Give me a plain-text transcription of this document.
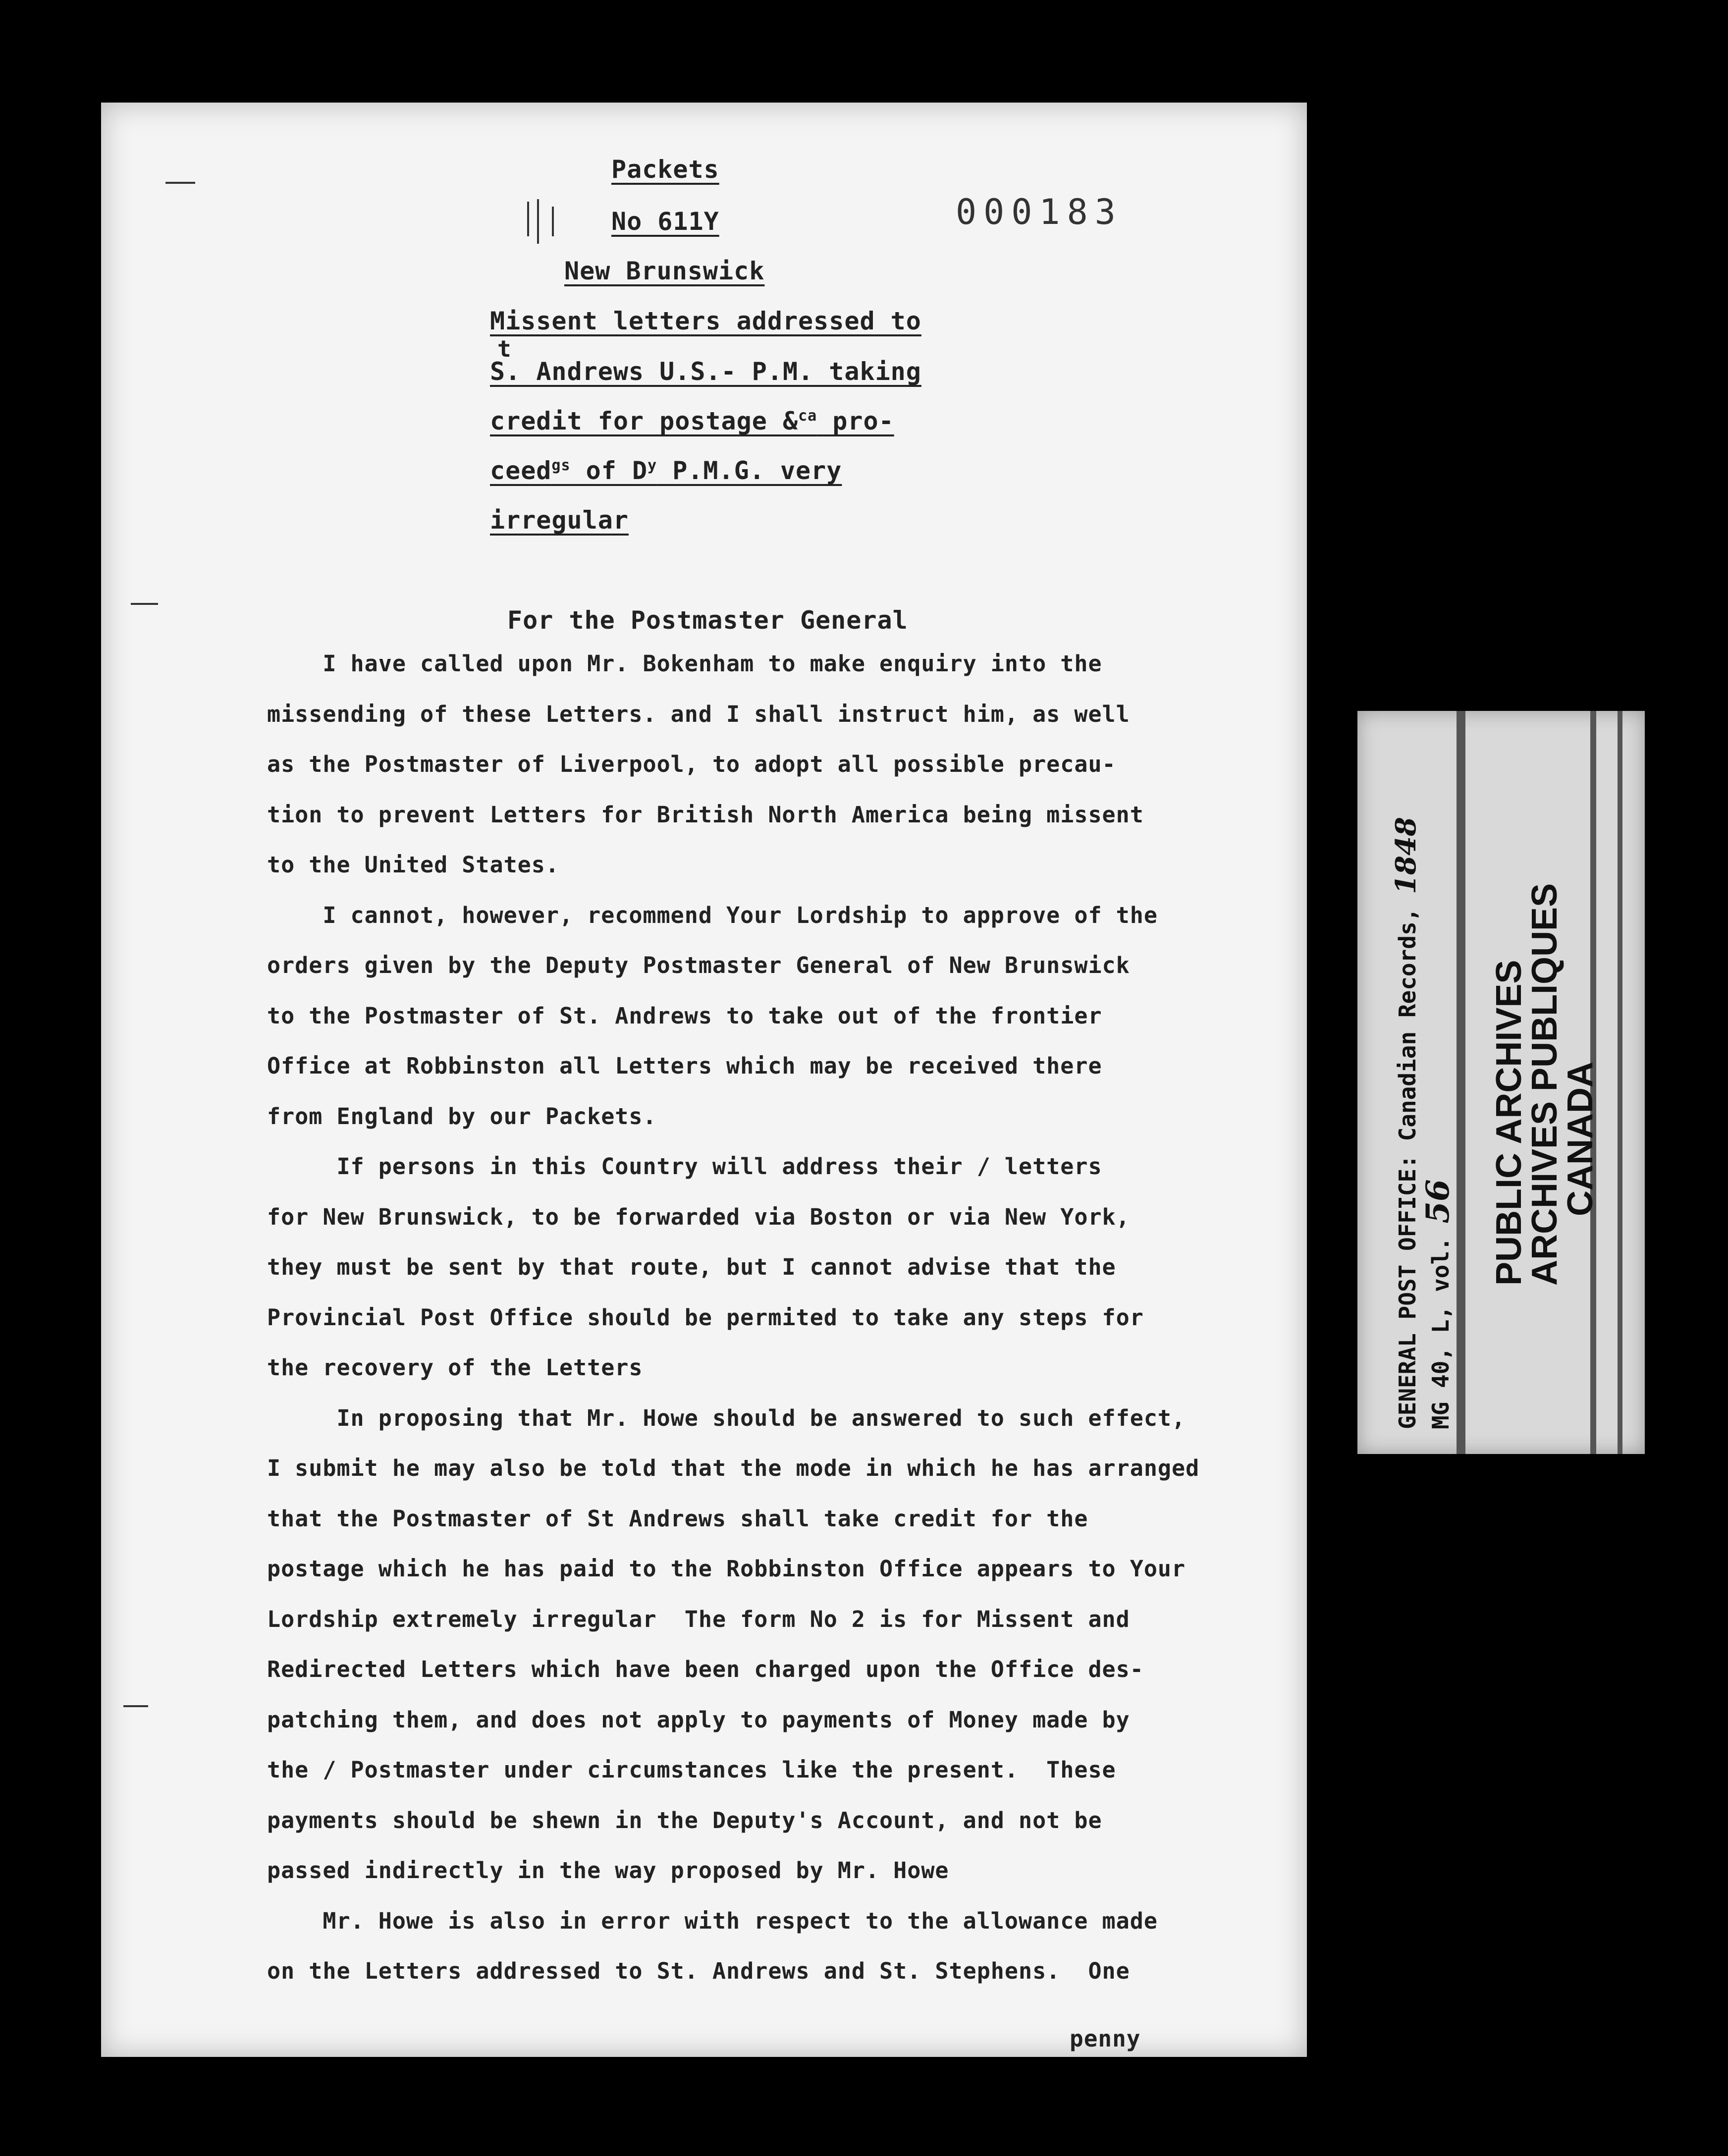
000183
Packets
No 611Y
New Brunswick
Missent letters addressed to
t
S. Andrews U.S.- P.M. taking
credit for postage &$^{ca}$ pro-
ceed$^{gs}$ of $D^y$ P.M.G. very
irregular
For the Postmaster General
I have called upon Mr. Bokenham to make enquiry into the
missending of these Letters. and I shall instruct him, as well
as the Postmaster of Liverpool, to adopt all possible precau-
tion to prevent Letters for British North America being missent
to the United States.
I cannot, however, recommend Your Lordship to approve of the
orders given by the Deputy Postmaster General of New Brunswick
to the Postmaster of St. Andrews to take out of the frontier
Office at Robbinston all Letters which may be received there
from England by our Packets.
If persons in this Country will address their / letters
for New Brunswick, to be forwarded via Boston or via New York,
they must be sent by that route, but I cannot advise that the
Provincial Post Office should be permited to take any steps for
the recovery of the Letters
In proposing that Mr. Howe should be answered to such effect,
I submit he may also be told that the mode in which he has arranged
that the Postmaster of St Andrews shall take credit for the
postage which he has paid to the Robbinston Office appears to Your
Lordship extremely irregular  The form No 2 is for Missent and
Redirected Letters which have been charged upon the Office des-
patching them, and does not apply to payments of Money made by
the / Postmaster under circumstances like the present.  These
payments should be shewn in the Deputy's Account, and not be
passed indirectly in the way proposed by Mr. Howe
Mr. Howe is also in error with respect to the allowance made
on the Letters addressed to St. Andrews and St. Stephens.  One
penny
GENERAL POST OFFICE: Canadian Records, 1848
MG 40, L, vol. 56 PUBLIC ARCHIVES
ARCHIVES PUBLIQUES
CANADA
